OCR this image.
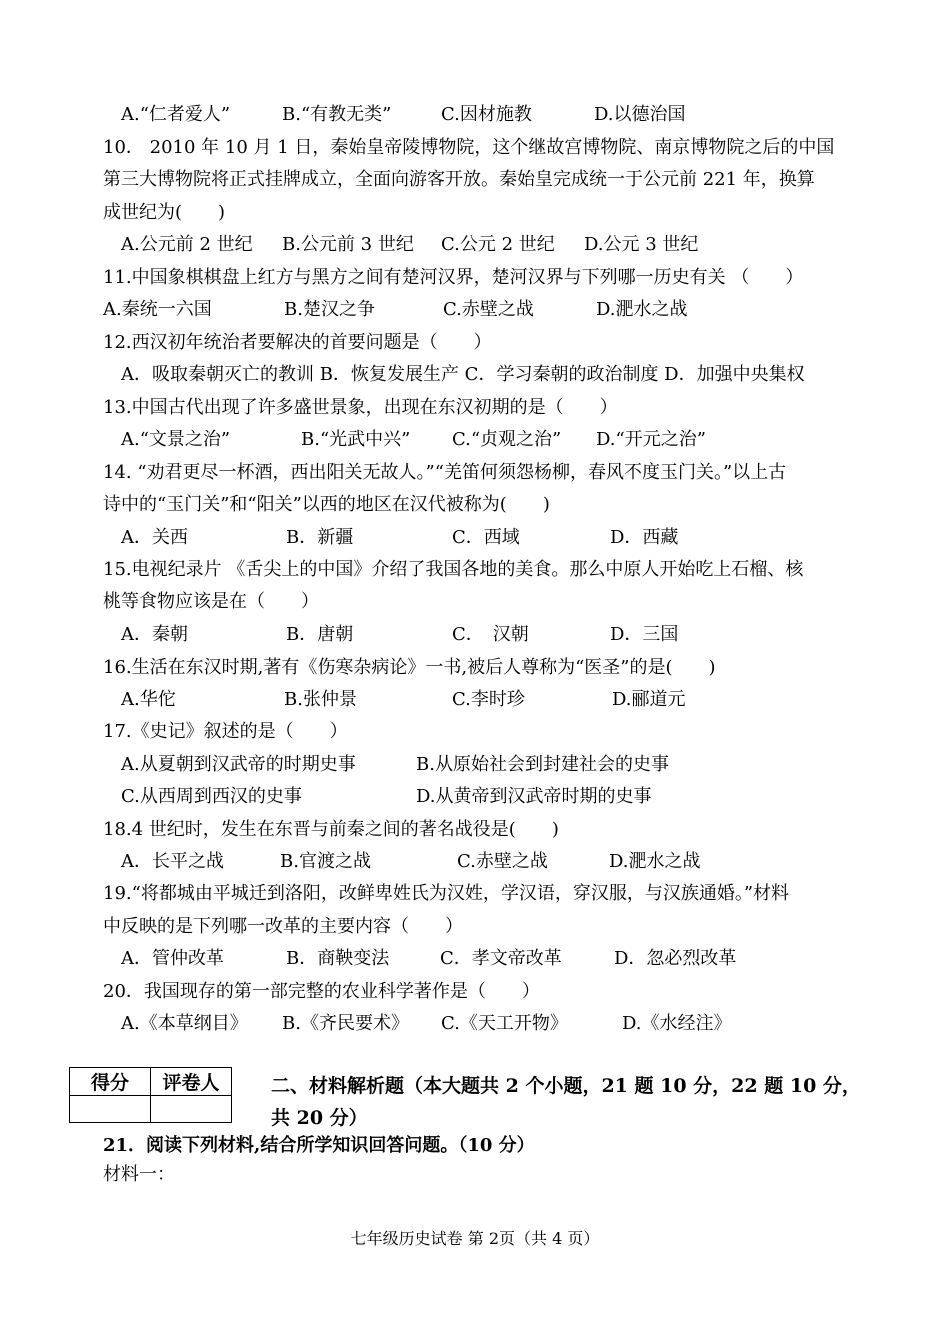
A.“仁者爱人”	B.“有教无类”	C.因材施教	D.以德治国
10． 2010 年 10 月 1 日，秦始皇帝陵博物院，这个继故宫博物院、南京博物院之后的中国
第三大博物院将正式挂牌成立，全面向游客开放。秦始皇完成统一于公元前 221 年，换算
成世纪为(　　)
A.公元前 2 世纪 B.公元前 3 世纪 C.公元 2 世纪 D.公元 3 世纪
11.中国象棋棋盘上红方与黑方之间有楚河汉界，楚河汉界与下列哪一历史有关 （　　）
A.秦统一六国	B.楚汉之争	C.赤壁之战	D.淝水之战
12.西汉初年统治者要解决的首要问题是（　　）
A．吸取秦朝灭亡的教训 B．恢复发展生产 C．学习秦朝的政治制度 D．加强中央集权
13.中国古代出现了许多盛世景象，出现在东汉初期的是（　　）
A.“文景之治”	B.“光武中兴” C.“贞观之治” D.“开元之治”
14. “劝君更尽一杯酒，西出阳关无故人。”“羌笛何须怨杨柳，春风不度玉门关。”以上古
诗中的“玉门关”和“阳关”以西的地区在汉代被称为(　　)
A．关西	B．新疆	C．西域	D．西藏
15.电视纪录片 《舌尖上的中国》介绍了我国各地的美食。那么中原人开始吃上石榴、核
桃等食物应该是在（　　）
A．秦朝	B．唐朝	C．　汉朝	D．三国
16.生活在东汉时期,著有《伤寒杂病论》一书,被后人尊称为“医圣”的是(　　)
A.华佗	B.张仲景	C.李时珍	D.郦道元
17.《史记》叙述的是（　　）
A.从夏朝到汉武帝的时期史事	B.从原始社会到封建社会的史事
C.从西周到西汉的史事	D.从黄帝到汉武帝时期的史事
18.4 世纪时，发生在东晋与前秦之间的著名战役是(　　)
A．长平之战	B.官渡之战	C.赤壁之战	D.淝水之战
19.“将都城由平城迁到洛阳，改鲜卑姓氏为汉姓，学汉语，穿汉服，与汉族通婚。”材料
中反映的是下列哪一改革的主要内容（　　）
A．管仲改革	B．商鞅变法	C．孝文帝改革	D．忽必烈改革
20．我国现存的第一部完整的农业科学著作是（　　）
A.《本草纲目》 B.《齐民要术》 C.《天工开物》	D.《水经注》
得分	评卷人
		二、材料解析题（本大题共 2 个小题，21 题 10 分，22 题 10 分，
共 20 分）
21．阅读下列材料,结合所学知识回答问题。（10 分）
材料一：
七年级历史试卷 第 2页（共 4 页）
